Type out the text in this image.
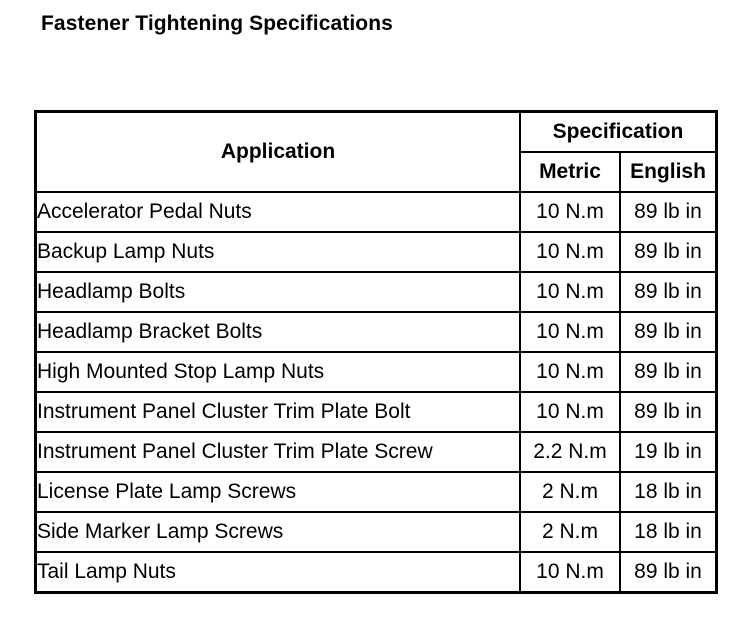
Fastener Tightening Specifications
Application	Specification	
	Metric	English
Accelerator Pedal Nuts	10 N.m	89 lb in
Backup Lamp Nuts	10 N.m	89 lb in
Headlamp Bolts	10 N.m	89 lb in
Headlamp Bracket Bolts	10 N.m	89 lb in
High Mounted Stop Lamp Nuts	10 N.m	89 lb in
Instrument Panel Cluster Trim Plate Bolt	10 N.m	89 lb in
Instrument Panel Cluster Trim Plate Screw	2.2 N.m	19 lb in
License Plate Lamp Screws	2 N.m	18 lb in
Side Marker Lamp Screws	2 N.m	18 lb in
Tail Lamp Nuts	10 N.m	89 lb in
